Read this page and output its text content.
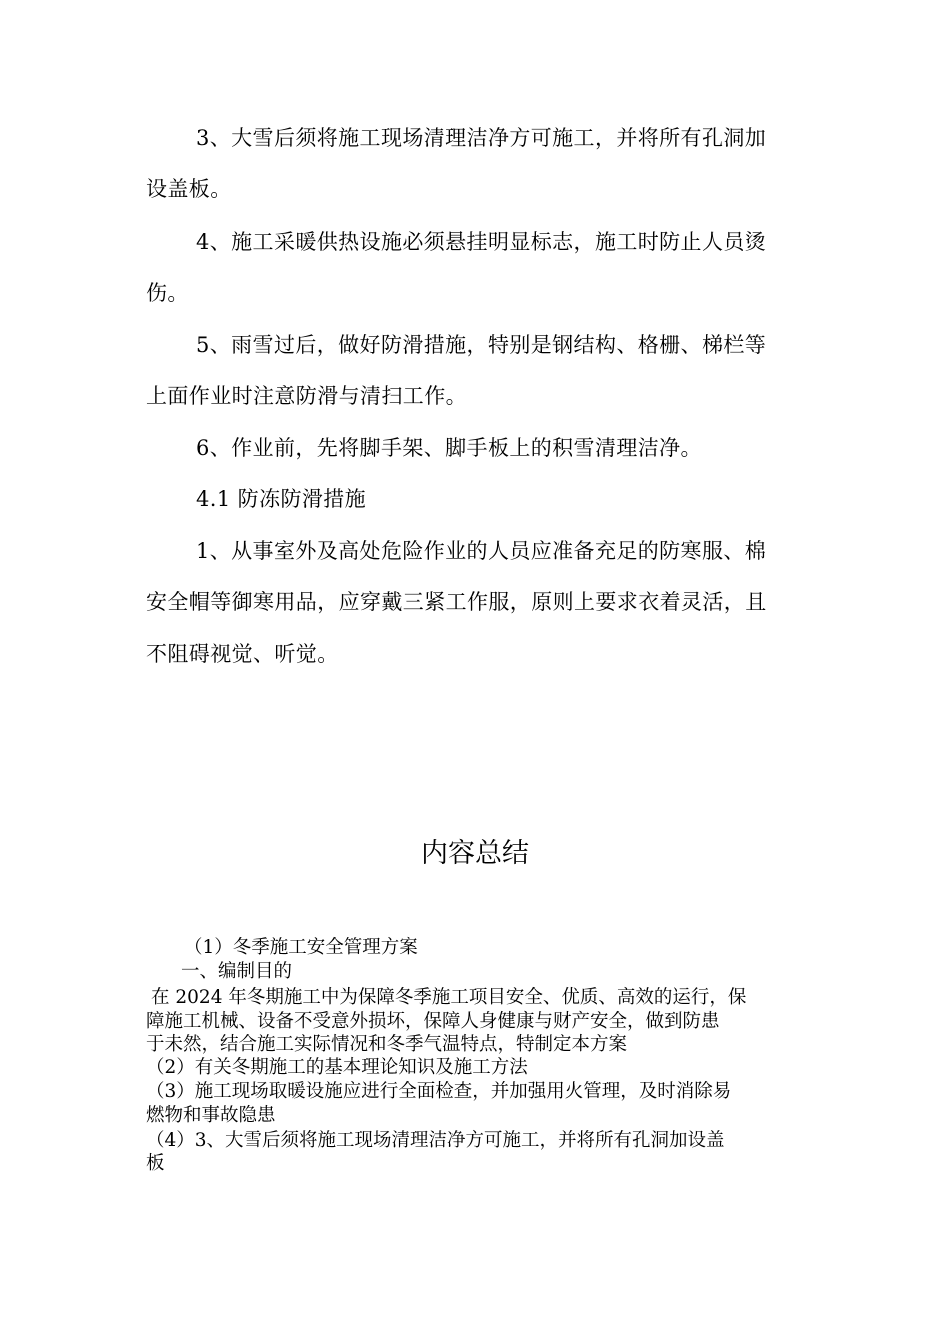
3、大雪后须将施工现场清理洁净方可施工，并将所有孔洞加
设盖板。
4、施工采暖供热设施必须悬挂明显标志，施工时防止人员烫
伤。
5、雨雪过后，做好防滑措施，特别是钢结构、格栅、梯栏等
上面作业时注意防滑与清扫工作。
6、作业前，先将脚手架、脚手板上的积雪清理洁净。
4.1 防冻防滑措施
1、从事室外及高处危险作业的人员应准备充足的防寒服、棉
安全帽等御寒用品，应穿戴三紧工作服，原则上要求衣着灵活，且
不阻碍视觉、听觉。
内容总结
（1）冬季施工安全管理方案
一、编制目的
在 2024 年冬期施工中为保障冬季施工项目安全、优质、高效的运行，保
障施工机械、设备不受意外损坏，保障人身健康与财产安全，做到防患
于未然，结合施工实际情况和冬季气温特点，特制定本方案
（2）有关冬期施工的基本理论知识及施工方法
（3）施工现场取暖设施应进行全面检查，并加强用火管理，及时消除易
燃物和事故隐患
（4）3、大雪后须将施工现场清理洁净方可施工，并将所有孔洞加设盖
板
